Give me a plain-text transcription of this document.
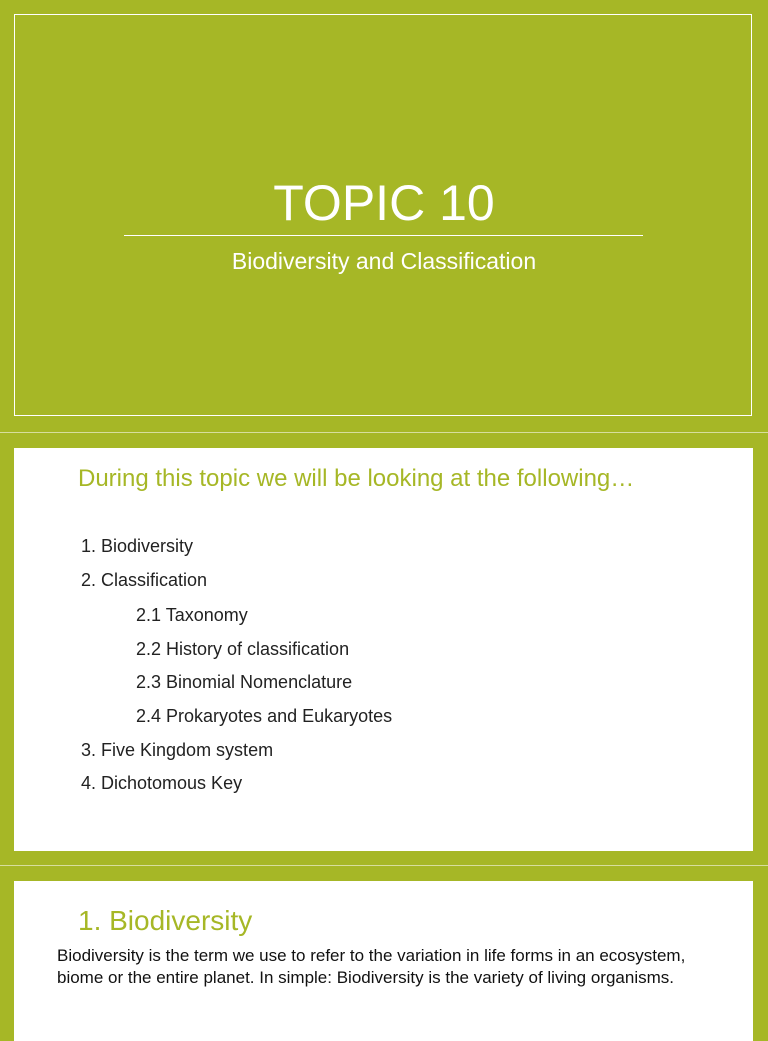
TOPIC 10
Biodiversity and Classification
During this topic we will be looking at the following…
1. Biodiversity
2. Classification
2.1 Taxonomy
2.2 History of classification
2.3 Binomial Nomenclature
2.4 Prokaryotes and Eukaryotes
3. Five Kingdom system
4. Dichotomous Key
1. Biodiversity
Biodiversity is the term we use to refer to the variation in life forms in an ecosystem, biome or the entire planet. In simple: Biodiversity is the variety of living organisms.
